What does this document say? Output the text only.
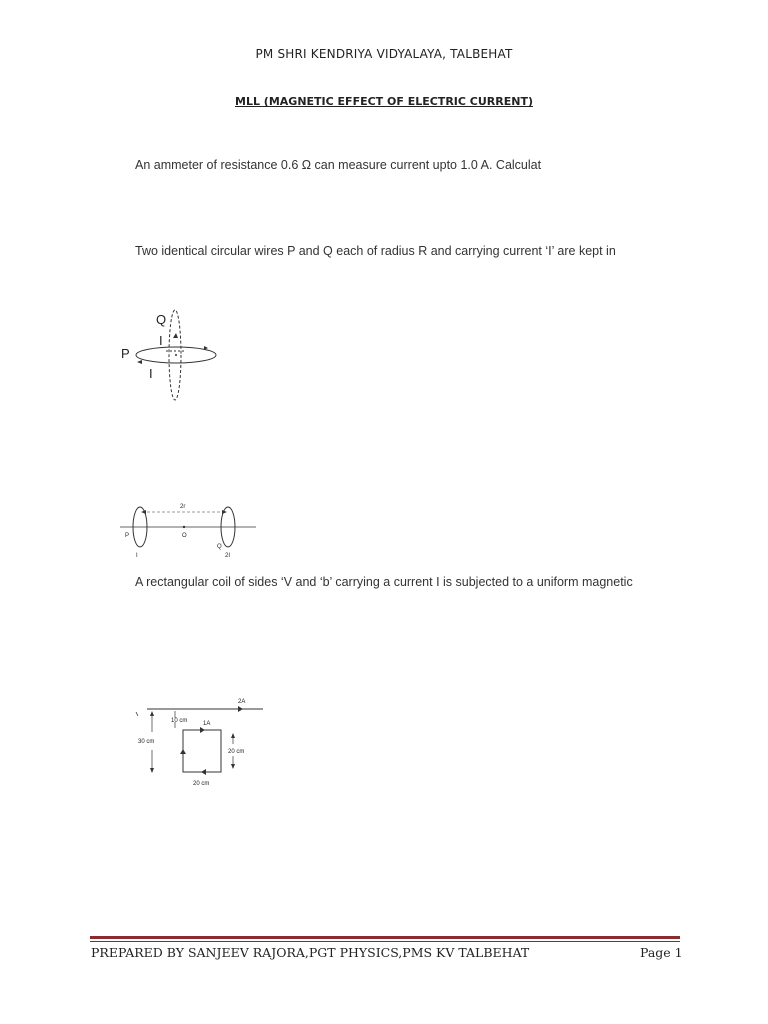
PM SHRI KENDRIYA VIDYALAYA, TALBEHAT
MLL (MAGNETIC EFFECT OF ELECTRIC CURRENT)
An ammeter of resistance 0.6 Ω can measure current upto 1.0 A. Calculat
Two identical circular wires P and Q each of radius R and carrying current ‘I’ are kept in
Q
I
P
I
2r
P	O
Q
I	2I
A rectangular coil of sides ‘V and ‘b’ carrying a current I is subjected to a uniform magnetic
2A
10 cm	1A
30 cm
20 cm
20 cm
PREPARED BY SANJEEV RAJORA,PGT PHYSICS,PMS KV TALBEHAT	Page 1
